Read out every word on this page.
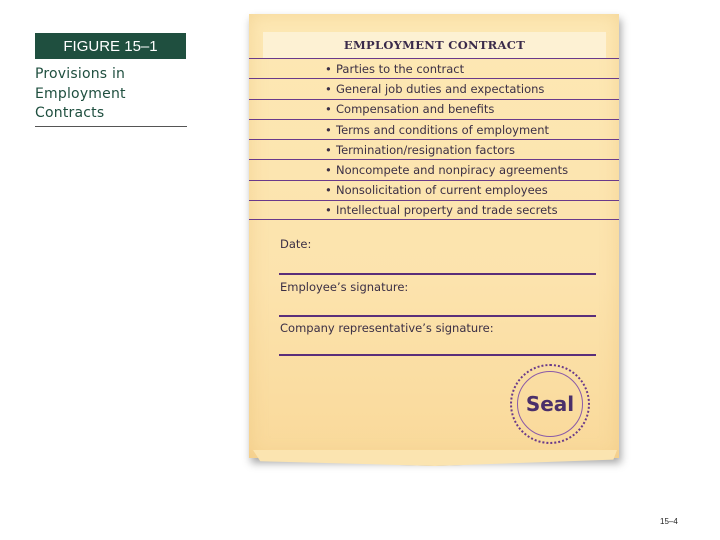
FIGURE 15–1
Provisions in Employment Contracts
EMPLOYMENT CONTRACT
• Parties to the contract
• General job duties and expectations
• Compensation and benefits
• Terms and conditions of employment
• Termination/resignation factors
• Noncompete and nonpiracy agreements
• Nonsolicitation of current employees
• Intellectual property and trade secrets
Date:
Employee’s signature:
Company representative’s signature:
Seal
15–4
